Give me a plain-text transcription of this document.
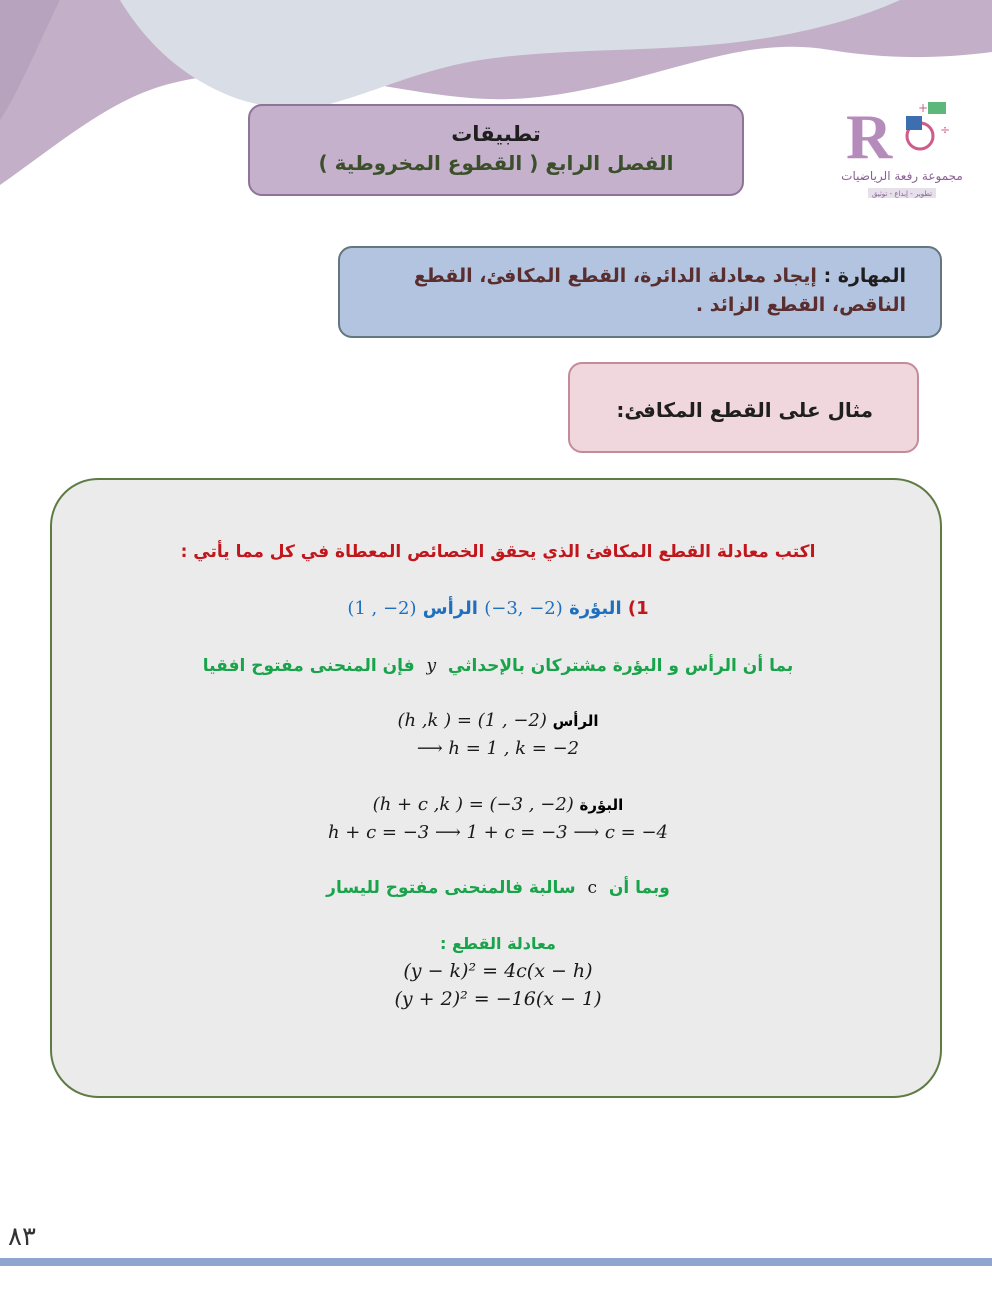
R +
÷
مجموعة رفعة الرياضيات
تطوير - إبداع - توثيق
تطبيقات
الفصل الرابع ( القطوع المخروطية )
المهارة : إيجاد معادلة الدائرة، القطع المكافئ، القطع الناقص، القطع الزائد .
مثال على القطع المكافئ:
اكتب معادلة القطع المكافئ الذي يحقق الخصائص المعطاة في كل مما يأتي :
1) البؤرة (−3, −2) الرأس (1 , −2)
بما أن الرأس و البؤرة مشتركان بالإحداثي  y  فإن المنحنى مفتوح افقيا
الرأس (h ,k ) = (1 , −2)
⟶ h = 1 , k = −2
البؤرة (h + c ,k ) = (−3 , −2)
h + c = −3 ⟶ 1 + c = −3 ⟶ c = −4
وبما أن  c  سالبة فالمنحنى مفتوح لليسار
معادلة القطع :
(y − k)² = 4c(x − h)
(y + 2)² = −16(x − 1)
٨٣
